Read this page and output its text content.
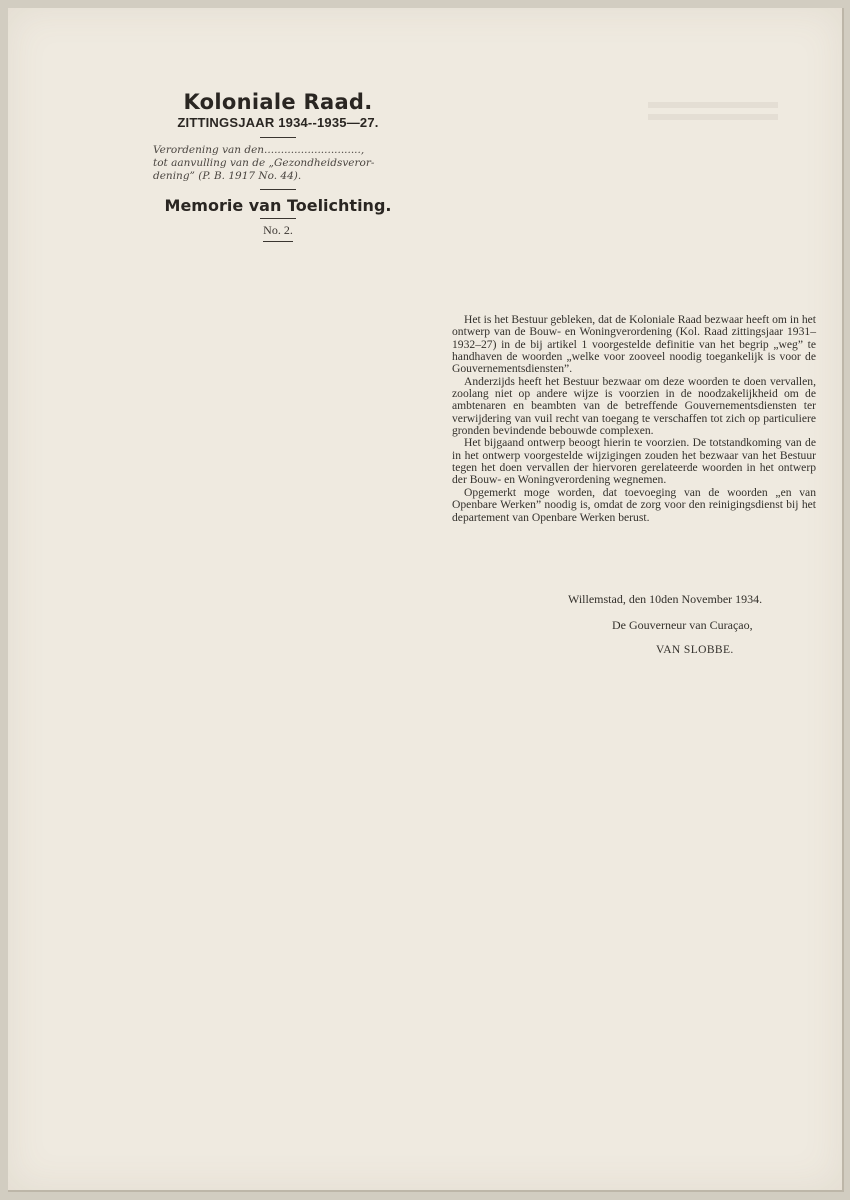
Koloniale Raad.
ZITTINGSJAAR 1934--1935—27.
Verordening van den.............................,
tot aanvulling van de „Gezondheidsveror-
dening” (P. B. 1917 No. 44).
Memorie van Toelichting.
No. 2.

Het is het Bestuur gebleken, dat de Koloniale Raad bezwaar heeft om in het ontwerp van de Bouw- en Woningverordening (Kol. Raad zittingsjaar 1931–1932–27) in de bij artikel 1 voorgestelde definitie van het begrip „weg” te handhaven de woorden „welke voor zooveel noodig toegankelijk is voor de Gouvernementsdiensten”.

Anderzijds heeft het Bestuur bezwaar om deze woorden te doen vervallen, zoolang niet op andere wijze is voorzien in de noodzakelijkheid om de ambtenaren en beambten van de betreffende Gouvernementsdiensten ter verwijdering van vuil recht van toegang te verschaffen tot zich op particuliere gronden bevindende bebouwde complexen.

Het bijgaand ontwerp beoogt hierin te voorzien. De totstandkoming van de in het ontwerp voorgestelde wijzigingen zouden het bezwaar van het Bestuur tegen het doen vervallen der hiervoren gerelateerde woorden in het ontwerp der Bouw- en Woningverordening wegnemen.

Opgemerkt moge worden, dat toevoeging van de woorden „en van Openbare Werken” noodig is, omdat de zorg voor den reinigingsdienst bij het departement van Openbare Werken berust.

Willemstad, den 10den November 1934.
De Gouverneur van Curaçao,
VAN SLOBBE.
